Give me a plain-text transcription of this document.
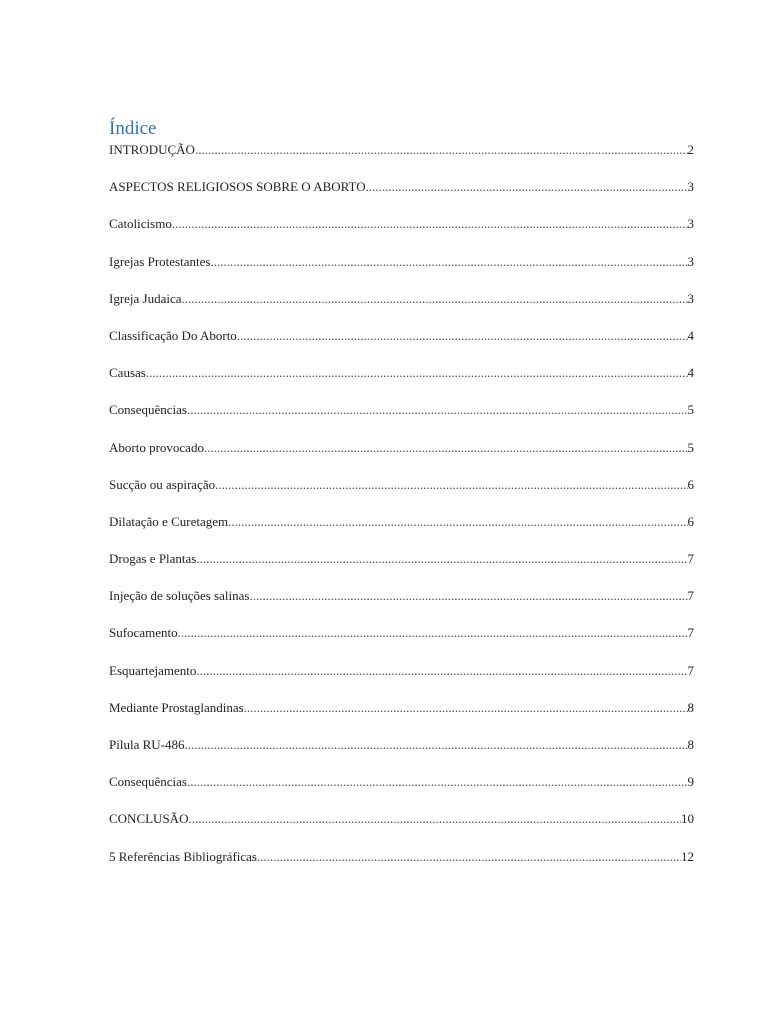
Índice
INTRODUÇÃO .....	2
ASPECTOS RELIGIOSOS SOBRE O ABORTO .....	3
Catolicismo .....	3
Igrejas Protestantes .....	3
Igreja Judaica .....	3
Classificação Do Aborto .....	4
Causas .....	4
Consequências .....	5
Aborto provocado .....	5
Sucção ou aspiração .....	6
Dilatação e Curetagem .....	6
Drogas e Plantas .....	7
Injeção de soluções salinas .....	7
Sufocamento .....	7
Esquartejamento .....	7
Mediante Prostaglandinas .....	8
Pilula RU-486 .....	8
Consequências .....	9
CONCLUSÃO .....	10
5 Referências Bibliográficas .....	12
